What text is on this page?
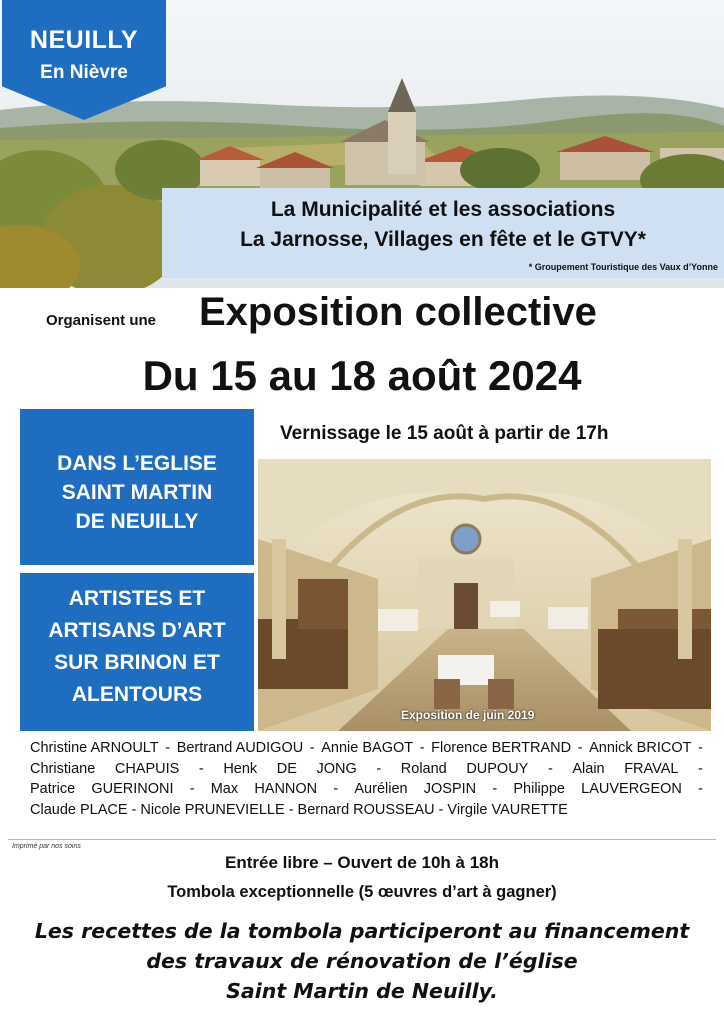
NEUILLY
En Nièvre
La Municipalité et les associations
La Jarnosse, Villages en fête et le GTVY*
* Groupement Touristique des Vaux d’Yonne
Organisent une Exposition collective
Du 15 au 18 août 2024
DANS L’EGLISE
SAINT MARTIN
DE NEUILLY
ARTISTES ET
ARTISANS D’ART
SUR BRINON ET
ALENTOURS
Vernissage le 15 août à partir de 17h
Exposition de juin 2019
Christine ARNOULT - Bertrand AUDIGOU - Annie BAGOT - Florence BERTRAND - Annick BRICOT -
Christiane CHAPUIS - Henk DE JONG - Roland DUPOUY - Alain FRAVAL -
Patrice GUERINONI - Max HANNON - Aurélien JOSPIN - Philippe LAUVERGEON -
Claude PLACE - Nicole PRUNEVIELLE - Bernard ROUSSEAU - Virgile VAURETTE
Imprimé par nos soins
Entrée libre – Ouvert de 10h à 18h
Tombola exceptionnelle (5 œuvres d’art à gagner)
Les recettes de la tombola participeront au financement
des travaux de rénovation de l’église
Saint Martin de Neuilly.
